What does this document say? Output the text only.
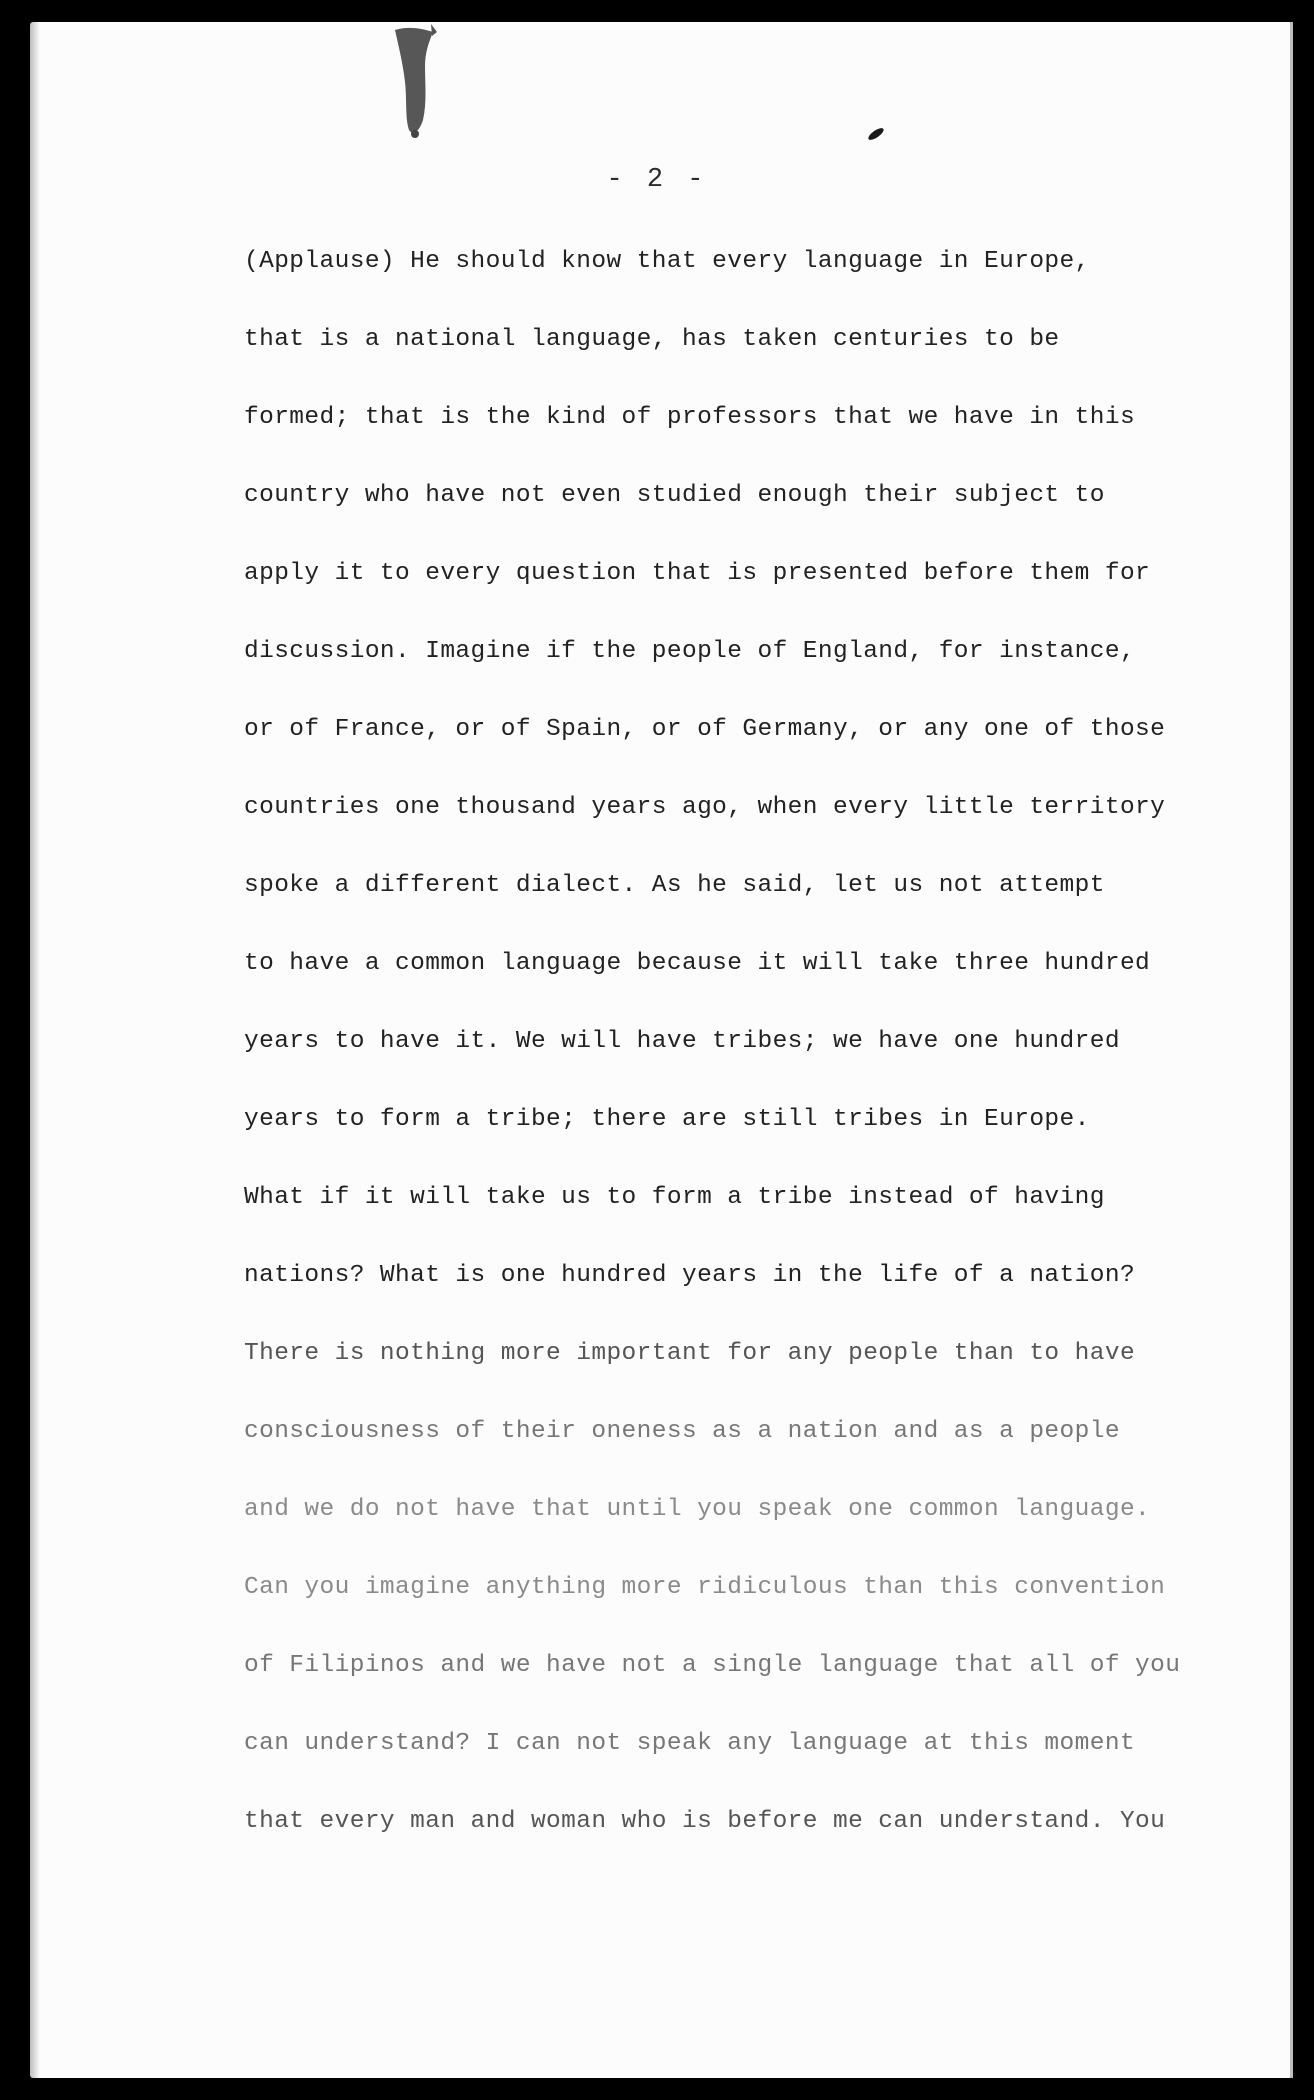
- 2 -
(Applause) He should know that every language in Europe,
that is a national language, has taken centuries to be
formed; that is the kind of professors that we have in this
country who have not even studied enough their subject to
apply it to every question that is presented before them for
discussion. Imagine if the people of England, for instance,
or of France, or of Spain, or of Germany, or any one of those
countries one thousand years ago, when every little territory
spoke a different dialect. As he said, let us not attempt
to have a common language because it will take three hundred
years to have it. We will have tribes; we have one hundred
years to form a tribe; there are still tribes in Europe.
What if it will take us to form a tribe instead of having
nations? What is one hundred years in the life of a nation?
There is nothing more important for any people than to have
consciousness of their oneness as a nation and as a people
and we do not have that until you speak one common language.
Can you imagine anything more ridiculous than this convention
of Filipinos and we have not a single language that all of you
can understand? I can not speak any language at this moment
that every man and woman who is before me can understand. You
